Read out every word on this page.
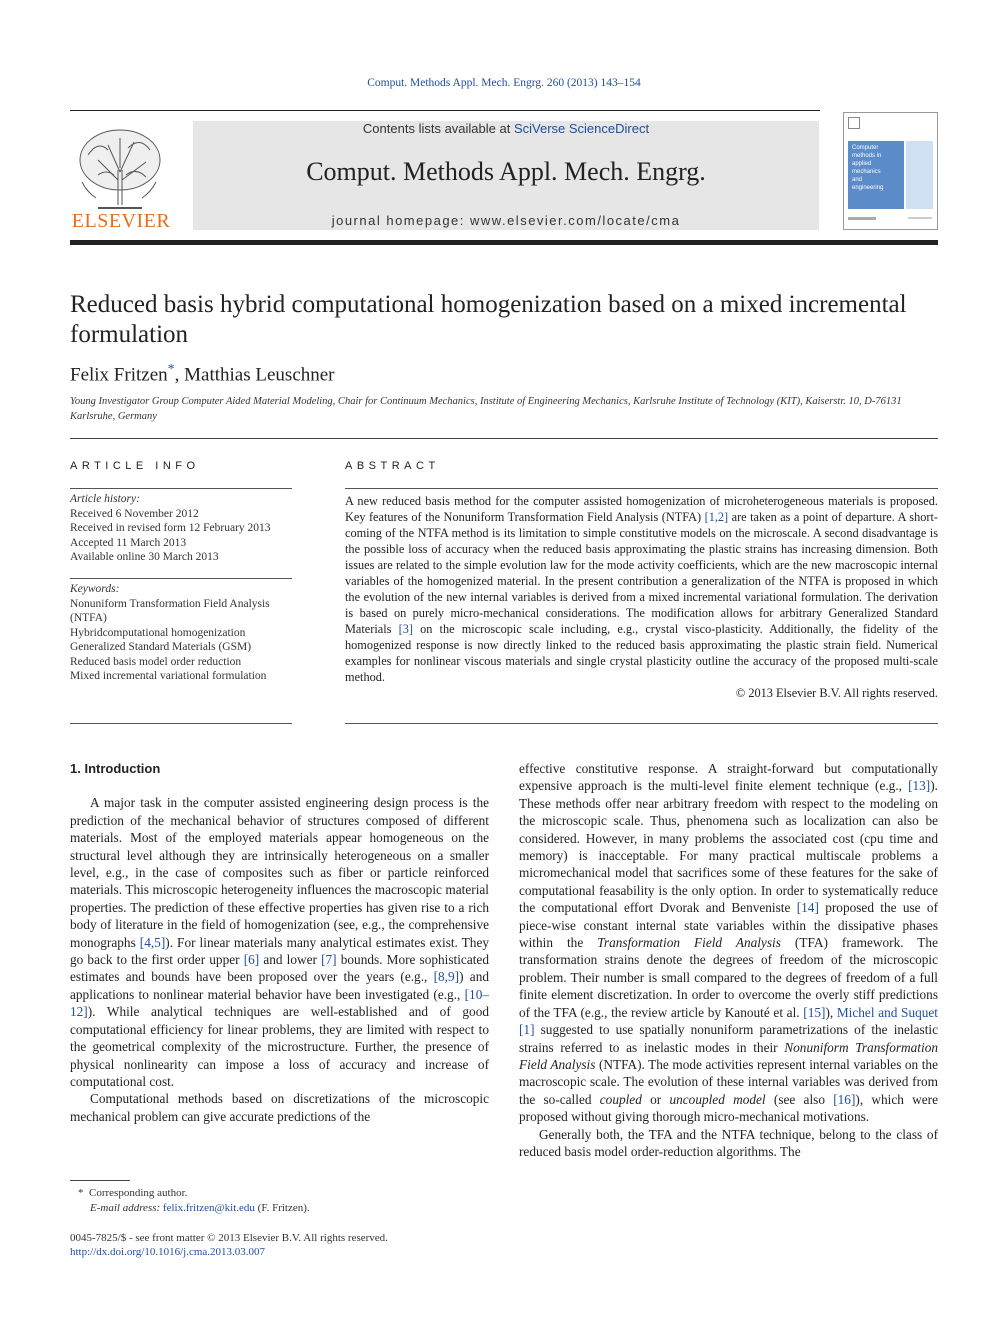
Comput. Methods Appl. Mech. Engrg. 260 (2013) 143–154
ELSEVIER
Contents lists available at SciVerse ScienceDirect
Comput. Methods Appl. Mech. Engrg.
journal homepage: www.elsevier.com/locate/cma
Computer
methods in
applied
mechanics
and
engineering
Reduced basis hybrid computational homogenization based on a mixed incremental formulation
Felix Fritzen*, Matthias Leuschner
Young Investigator Group Computer Aided Material Modeling, Chair for Continuum Mechanics, Institute of Engineering Mechanics, Karlsruhe Institute of Technology (KIT), Kaiserstr. 10, D-76131 Karlsruhe, Germany
ARTICLE INFO	ABSTRACT
Article history:
Received 6 November 2012
Received in revised form 12 February 2013
Accepted 11 March 2013
Available online 30 March 2013
Keywords:
Nonuniform Transformation Field Analysis
(NTFA)
Hybridcomputational homogenization
Generalized Standard Materials (GSM)
Reduced basis model order reduction
Mixed incremental variational formulation

A new reduced basis method for the computer assisted homogenization of microheterogeneous materials is proposed. Key features of the Nonuniform Transformation Field Analysis (NTFA) [1,2] are taken as a point of departure. A short-coming of the NTFA method is its limitation to simple constitutive models on the microscale. A second disadvantage is the possible loss of accuracy when the reduced basis approximating the plastic strains has increasing dimension. Both issues are related to the simple evolution law for the mode activity coefficients, which are the new macroscopic internal variables of the homogenized material. In the present contribution a generalization of the NTFA is proposed in which the evolution of the new internal variables is derived from a mixed incremental variational formulation. The derivation is based on purely micro-mechanical considerations. The modification allows for arbitrary Generalized Standard Materials [3] on the microscopic scale including, e.g., crystal visco-plasticity. Additionally, the fidelity of the homogenized response is now directly linked to the reduced basis approximating the plastic strain field. Numerical examples for nonlinear viscous materials and single crystal plasticity outline the accuracy of the proposed multi-scale method.

© 2013 Elsevier B.V. All rights reserved.

1. Introduction

A major task in the computer assisted engineering design process is the prediction of the mechanical behavior of structures composed of different materials. Most of the employed materials appear homogeneous on the structural level although they are intrinsically heterogeneous on a smaller level, e.g., in the case of composites such as fiber or particle reinforced materials. This microscopic heterogeneity influences the macroscopic material properties. The prediction of these effective properties has given rise to a rich body of literature in the field of homogenization (see, e.g., the comprehensive monographs [4,5]). For linear materials many analytical estimates exist. They go back to the first order upper [6] and lower [7] bounds. More sophisticated estimates and bounds have been proposed over the years (e.g., [8,9]) and applications to nonlinear material behavior have been investigated (e.g., [10–12]). While analytical techniques are well-established and of good computational efficiency for linear problems, they are limited with respect to the geometrical complexity of the microstructure. Further, the presence of physical nonlinearity can impose a loss of accuracy and increase of computational cost.

Computational methods based on discretizations of the microscopic mechanical problem can give accurate predictions of the

effective constitutive response. A straight-forward but computationally expensive approach is the multi-level finite element technique (e.g., [13]). These methods offer near arbitrary freedom with respect to the modeling on the microscopic scale. Thus, phenomena such as localization can also be considered. However, in many problems the associated cost (cpu time and memory) is inacceptable. For many practical multiscale problems a micromechanical model that sacrifices some of these features for the sake of computational feasability is the only option. In order to systematically reduce the computational effort Dvorak and Benveniste [14] proposed the use of piece-wise constant internal state variables within the dissipative phases within the Transformation Field Analysis (TFA) framework. The transformation strains denote the degrees of freedom of the microscopic problem. Their number is small compared to the degrees of freedom of a full finite element discretization. In order to overcome the overly stiff predictions of the TFA (e.g., the review article by Kanouté et al. [15]), Michel and Suquet [1] suggested to use spatially nonuniform parametrizations of the inelastic strains referred to as inelastic modes in their Nonuniform Transformation Field Analysis (NTFA). The mode activities represent internal variables on the macroscopic scale. The evolution of these internal variables was derived from the so-called coupled or uncoupled model (see also [16]), which were proposed without giving thorough micro-mechanical motivations.

Generally both, the TFA and the NTFA technique, belong to the class of reduced basis model order-reduction algorithms. The

* Corresponding author.
E-mail address: felix.fritzen@kit.edu (F. Fritzen).
0045-7825/$ - see front matter © 2013 Elsevier B.V. All rights reserved.
http://dx.doi.org/10.1016/j.cma.2013.03.007
